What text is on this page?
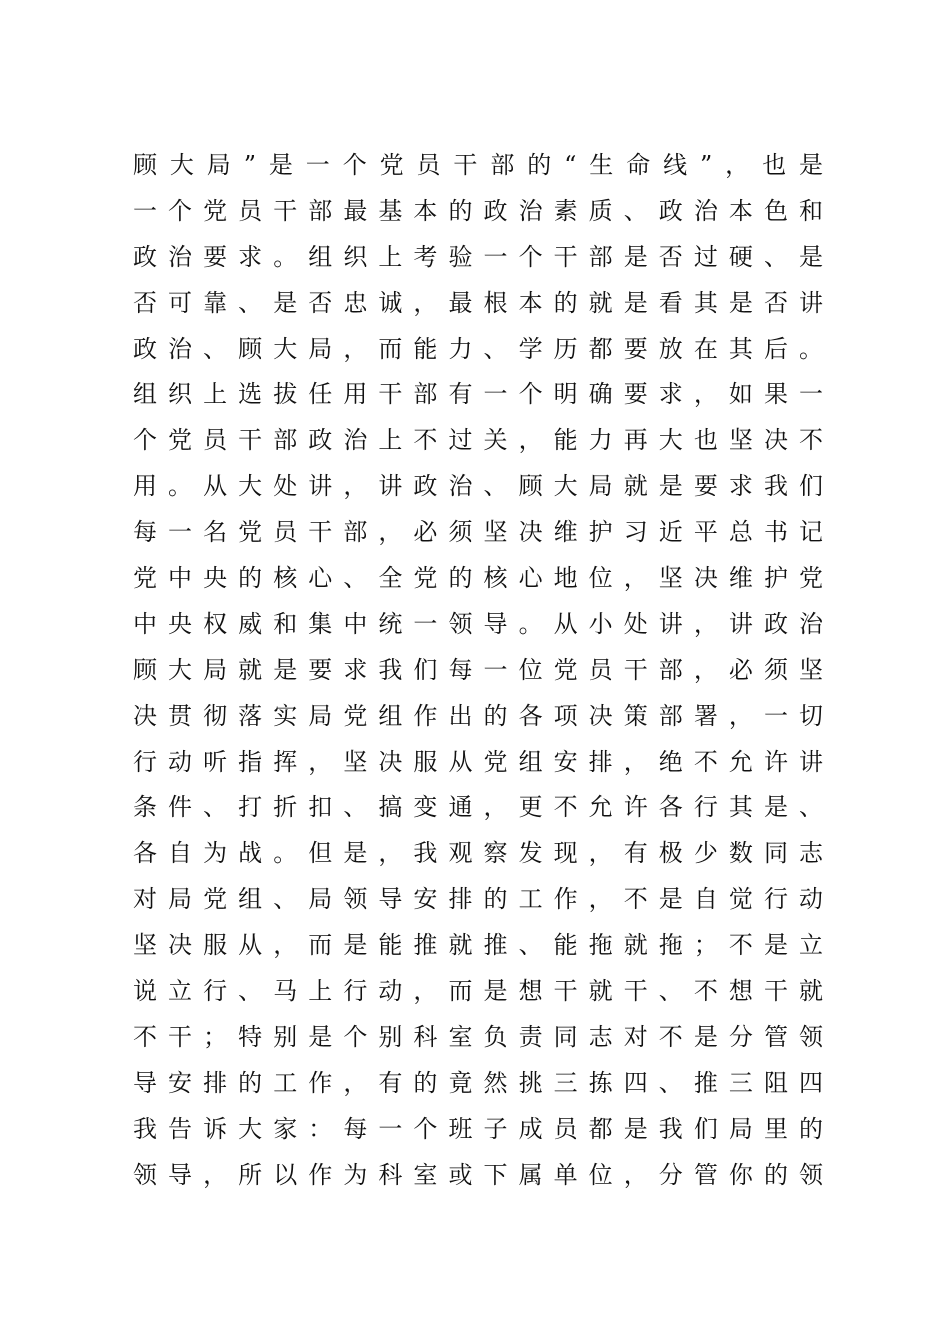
顾大局”是一个党员干部的“生命线”，也是
一个党员干部最基本的政治素质、政治本色和
政治要求。组织上考验一个干部是否过硬、是
否可靠、是否忠诚，最根本的就是看其是否讲
政治、顾大局，而能力、学历都要放在其后。
组织上选拔任用干部有一个明确要求，如果一
个党员干部政治上不过关，能力再大也坚决不
用。从大处讲，讲政治、顾大局就是要求我们
每一名党员干部，必须坚决维护习近平总书记
党中央的核心、全党的核心地位，坚决维护党
中央权威和集中统一领导。从小处讲，讲政治
顾大局就是要求我们每一位党员干部，必须坚
决贯彻落实局党组作出的各项决策部署，一切
行动听指挥，坚决服从党组安排，绝不允许讲
条件、打折扣、搞变通，更不允许各行其是、
各自为战。但是，我观察发现，有极少数同志
对局党组、局领导安排的工作，不是自觉行动
坚决服从，而是能推就推、能拖就拖；不是立
说立行、马上行动，而是想干就干、不想干就
不干；特别是个别科室负责同志对不是分管领
导安排的工作，有的竟然挑三拣四、推三阻四
我告诉大家：每一个班子成员都是我们局里的
领导，所以作为科室或下属单位，分管你的领
